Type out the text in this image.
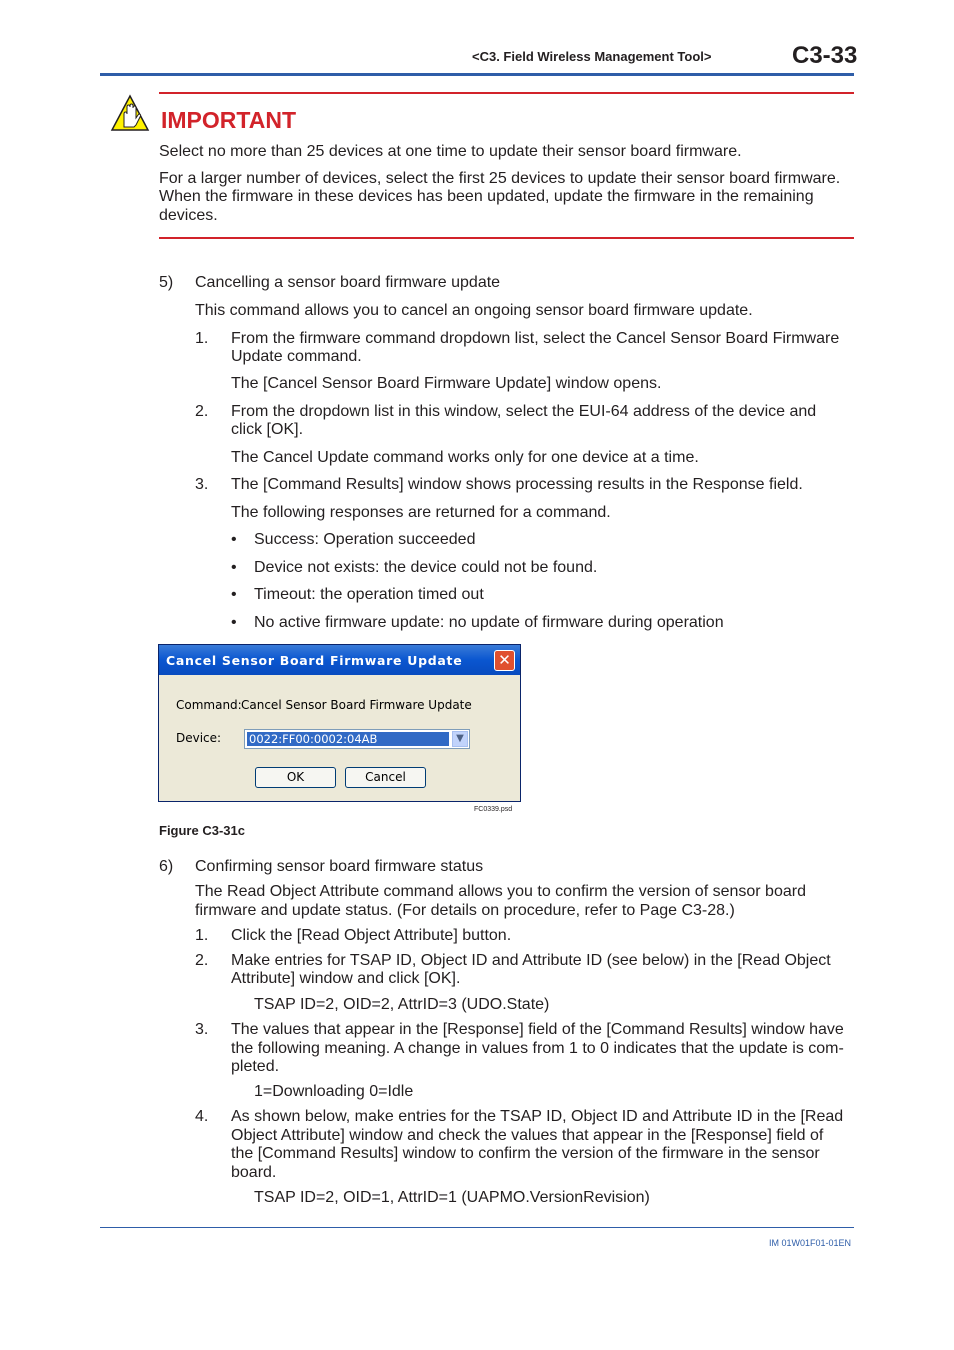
<C3. Field Wireless Management Tool>	C3-33
IMPORTANT
Select no more than 25 devices at one time to update their sensor board firmware.
For a larger number of devices, select the first 25 devices to update their sensor board firmware.
When the firmware in these devices has been updated, update the firmware in the remaining
devices.
5) Cancelling a sensor board firmware update
This command allows you to cancel an ongoing sensor board firmware update.
1. From the firmware command dropdown list, select the Cancel Sensor Board Firmware
Update command.
The [Cancel Sensor Board Firmware Update] window opens.
2. From the dropdown list in this window, select the EUI-64 address of the device and
click [OK].
The Cancel Update command works only for one device at a time.
3. The [Command Results] window shows processing results in the Response field.
The following responses are returned for a command.
• Success: Operation succeeded
• Device not exists: the device could not be found.
• Timeout: the operation timed out
• No active firmware update: no update of firmware during operation
Cancel Sensor Board Firmware Update ✕
Command: Cancel Sensor Board Firmware Update
Device: 0022:FF00:0002:04AB	▼
OK	Cancel
FC0339.psd
Figure C3-31c
6) Confirming sensor board firmware status
The Read Object Attribute command allows you to confirm the version of sensor board
firmware and update status. (For details on procedure, refer to Page C3-28.)
1. Click the [Read Object Attribute] button.
2. Make entries for TSAP ID, Object ID and Attribute ID (see below) in the [Read Object
Attribute] window and click [OK].
TSAP ID=2, OID=2, AttrID=3 (UDO.State)
3. The values that appear in the [Response] field of the [Command Results] window have
the following meaning. A change in values from 1 to 0 indicates that the update is com-
pleted.
1=Downloading 0=Idle
4. As shown below, make entries for the TSAP ID, Object ID and Attribute ID in the [Read
Object Attribute] window and check the values that appear in the [Response] field of
the [Command Results] window to confirm the version of the firmware in the sensor
board.
TSAP ID=2, OID=1, AttrID=1 (UAPMO.VersionRevision)
IM 01W01F01-01EN
